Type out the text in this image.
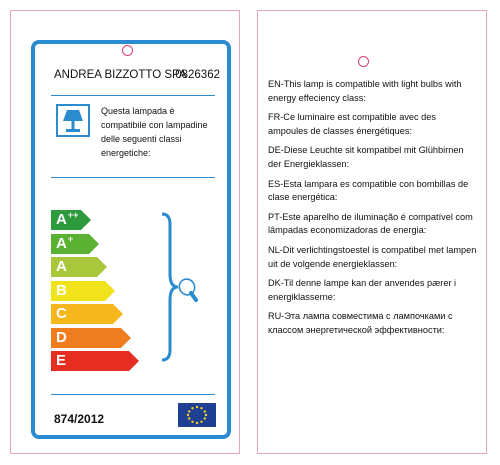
ANDREA BIZZOTTO SPA
0826362
Questa lampada è compatibile con lampadine delle seguenti classi energetiche:
A++
A+
A
B
C
D
E
874/2012
EN-This lamp is compatible with light bulbs with energy effeciency class:
FR-Ce luminaire est compatible avec des ampoules de classes énergétiques:
DE-Diese Leuchte sit kompatibel mit Glühbirnen der Energieklassen:
ES-Esta lampara es compatible con bombillas de clase energética:
PT-Este aparelho de iluminação é compatível com lâmpadas economizadoras de energia:
NL-Dit verlichtingstoestel is compatibel met lampen uit de volgende energieklassen:
DK-Til denne lampe kan der anvendes pærer i energiklasserne:
RU-Эта лампа совместима с лампочками с классом энергетической эффективности:
